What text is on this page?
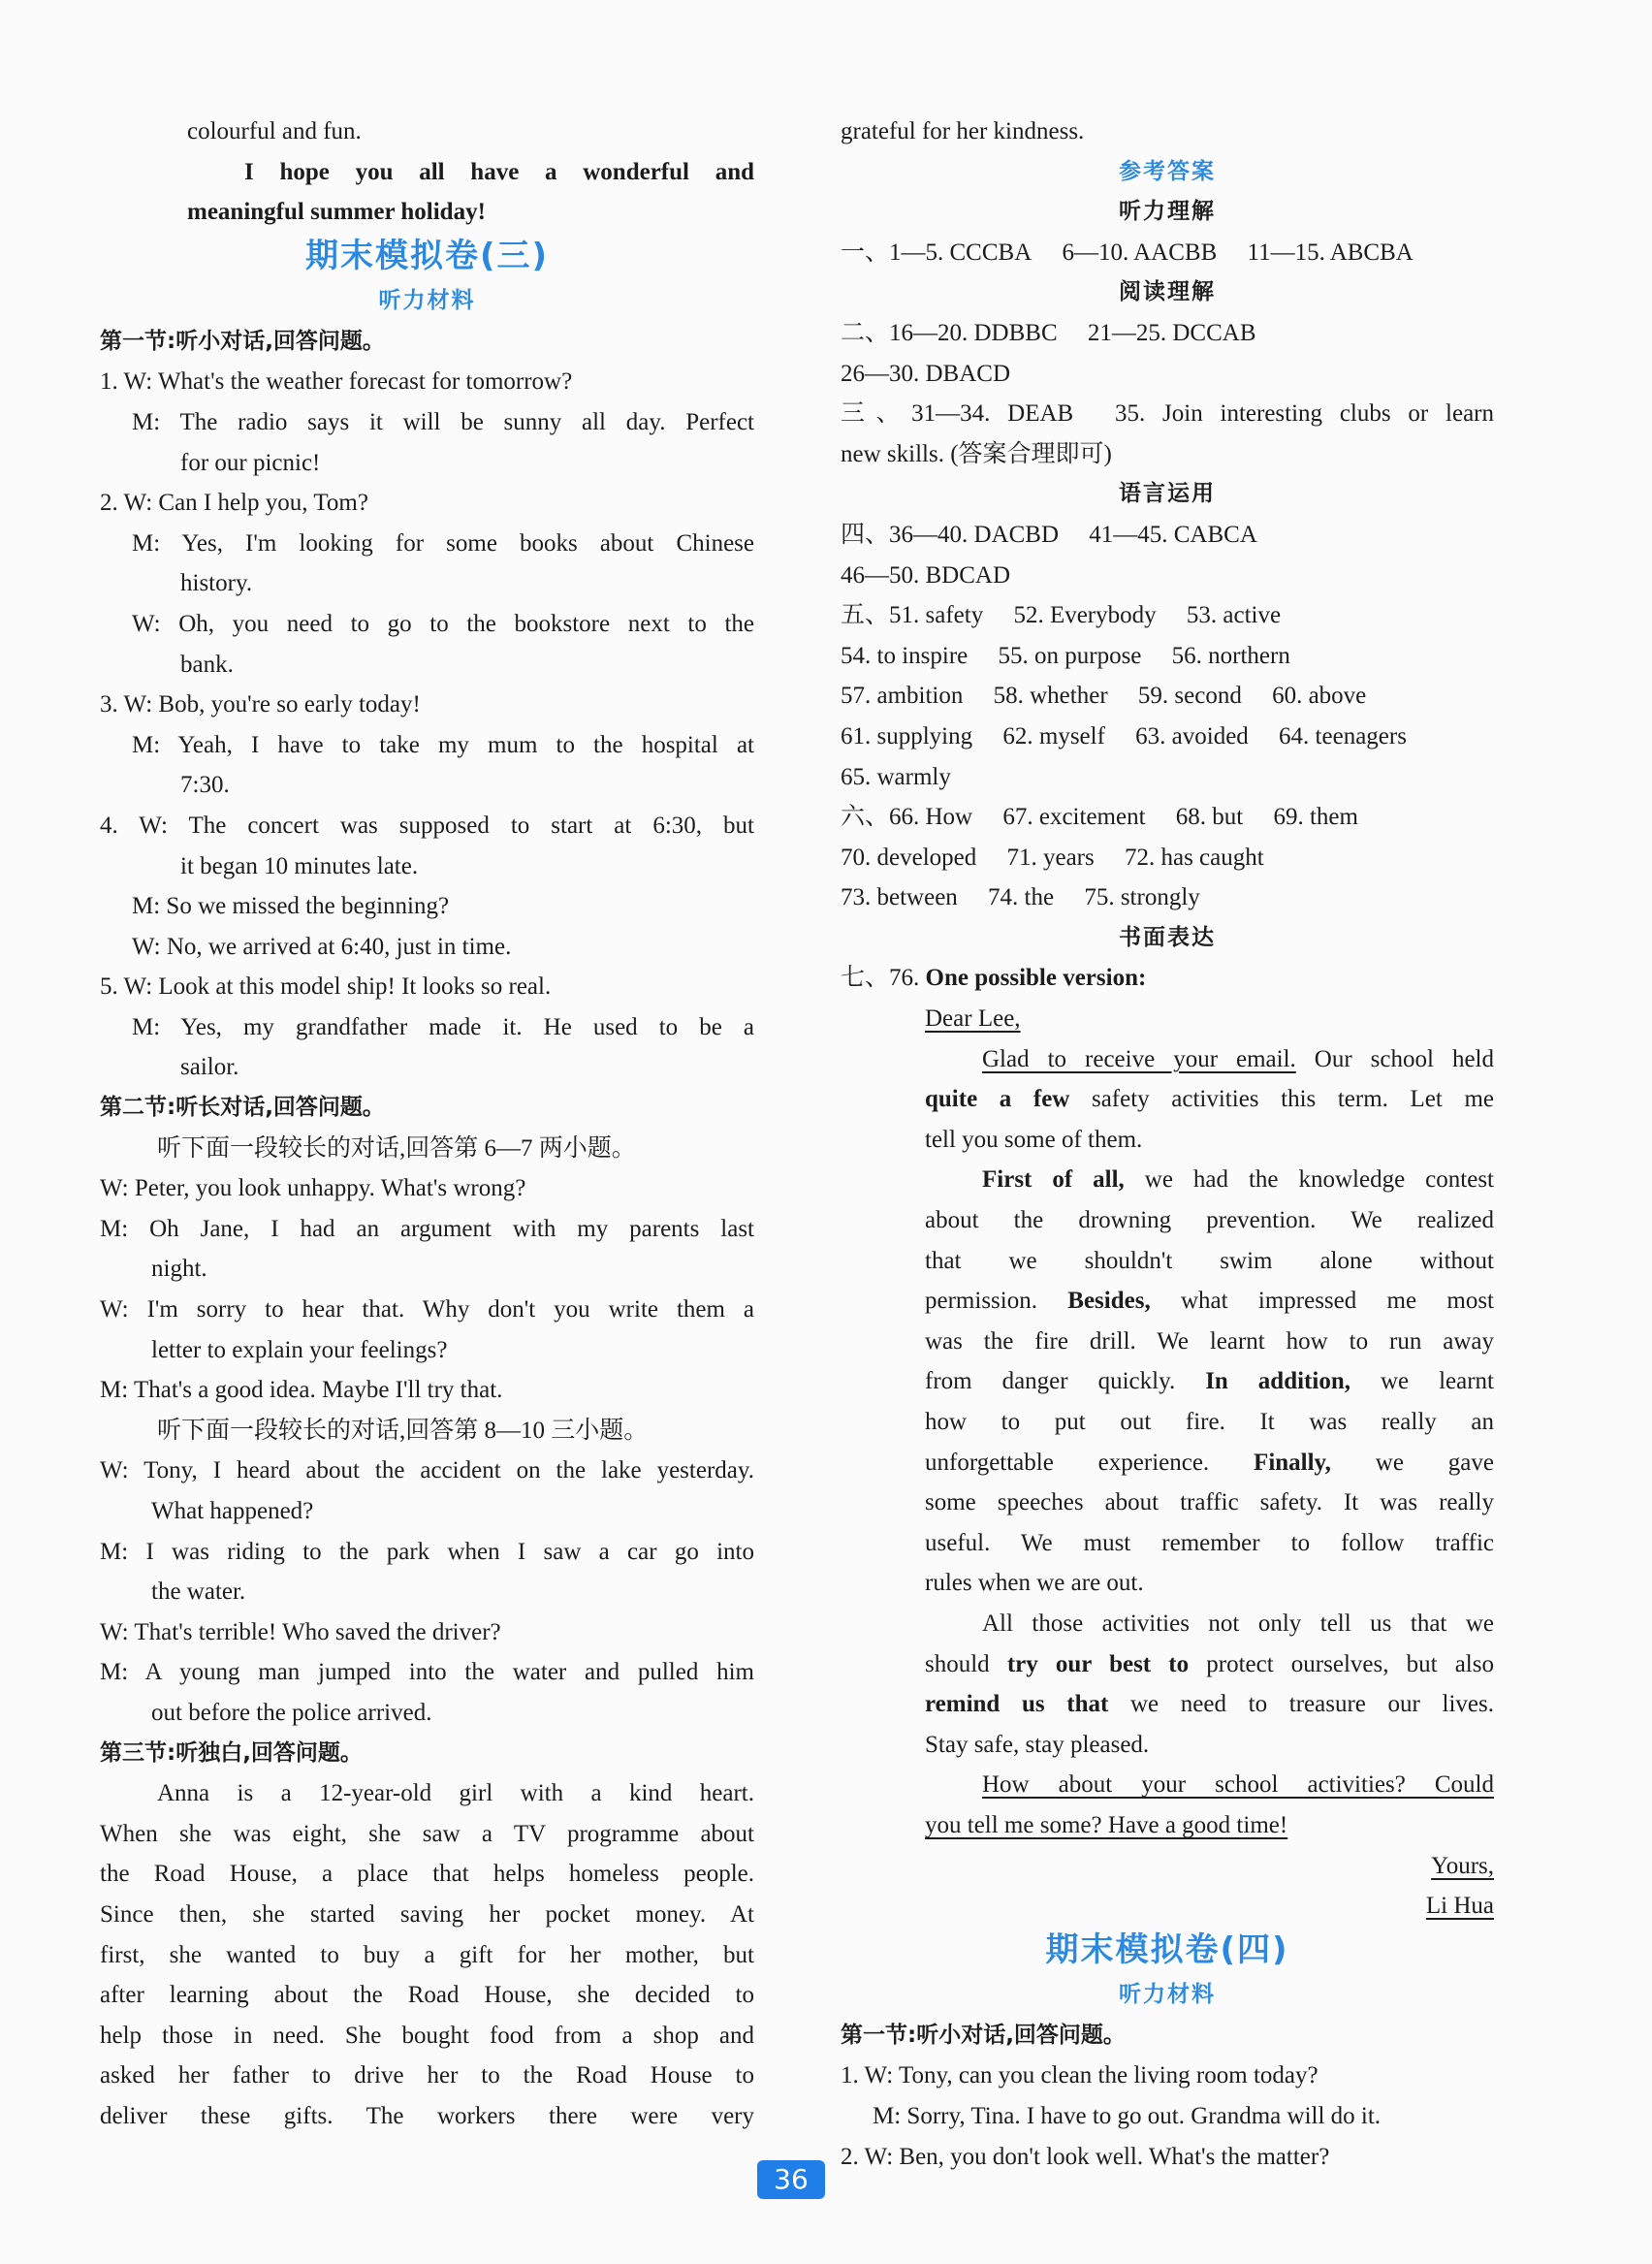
colourful and fun.
I hope you all have a wonderful and
meaningful summer holiday!
期末模拟卷(三)
听力材料
第一节:听小对话,回答问题。
1. W: What's the weather forecast for tomorrow?
M: The radio says it will be sunny all day. Perfect
for our picnic!
2. W: Can I help you, Tom?
M: Yes, I'm looking for some books about Chinese
history.
W: Oh, you need to go to the bookstore next to the
bank.
3. W: Bob, you're so early today!
M: Yeah, I have to take my mum to the hospital at
7:30.
4. W: The concert was supposed to start at 6:30, but
it began 10 minutes late.
M: So we missed the beginning?
W: No, we arrived at 6:40, just in time.
5. W: Look at this model ship! It looks so real.
M: Yes, my grandfather made it. He used to be a
sailor.
第二节:听长对话,回答问题。
听下面一段较长的对话,回答第 6—7 两小题。
W: Peter, you look unhappy. What's wrong?
M: Oh Jane, I had an argument with my parents last
night.
W: I'm sorry to hear that. Why don't you write them a
letter to explain your feelings?
M: That's a good idea. Maybe I'll try that.
听下面一段较长的对话,回答第 8—10 三小题。
W: Tony, I heard about the accident on the lake yesterday.
What happened?
M: I was riding to the park when I saw a car go into
the water.
W: That's terrible! Who saved the driver?
M: A young man jumped into the water and pulled him
out before the police arrived.
第三节:听独白,回答问题。
Anna is a 12-year-old girl with a kind heart.
When she was eight, she saw a TV programme about
the Road House, a place that helps homeless people.
Since then, she started saving her pocket money. At
first, she wanted to buy a gift for her mother, but
after learning about the Road House, she decided to
help those in need. She bought food from a shop and
asked her father to drive her to the Road House to
deliver these gifts. The workers there were very
grateful for her kindness.
参考答案
听力理解
一、1—5. CCCBA  6—10. AACBB  11—15. ABCBA
阅读理解
二、16—20. DDBBC  21—25. DCCAB
26—30. DBACD
三、31—34. DEAB  35. Join interesting clubs or learn
new skills. (答案合理即可)
语言运用
四、36—40. DACBD  41—45. CABCA
46—50. BDCAD
五、51. safety  52. Everybody  53. active
54. to inspire  55. on purpose  56. northern
57. ambition  58. whether  59. second  60. above
61. supplying  62. myself  63. avoided  64. teenagers
65. warmly
六、66. How  67. excitement  68. but  69. them
70. developed  71. years  72. has caught
73. between  74. the  75. strongly
书面表达
七、76. One possible version:
Dear Lee,
Glad to receive your email. Our school held
quite a few safety activities this term. Let me
tell you some of them.
First of all, we had the knowledge contest
about the drowning prevention. We realized
that we shouldn't swim alone without
permission. Besides, what impressed me most
was the fire drill. We learnt how to run away
from danger quickly. In addition, we learnt
how to put out fire. It was really an
unforgettable experience. Finally, we gave
some speeches about traffic safety. It was really
useful. We must remember to follow traffic
rules when we are out.
All those activities not only tell us that we
should try our best to protect ourselves, but also
remind us that we need to treasure our lives.
Stay safe, stay pleased.
How about your school activities? Could
you tell me some? Have a good time!
Yours,
Li Hua
期末模拟卷(四)
听力材料
第一节:听小对话,回答问题。
1. W: Tony, can you clean the living room today?
M: Sorry, Tina. I have to go out. Grandma will do it.
2. W: Ben, you don't look well. What's the matter?
36
